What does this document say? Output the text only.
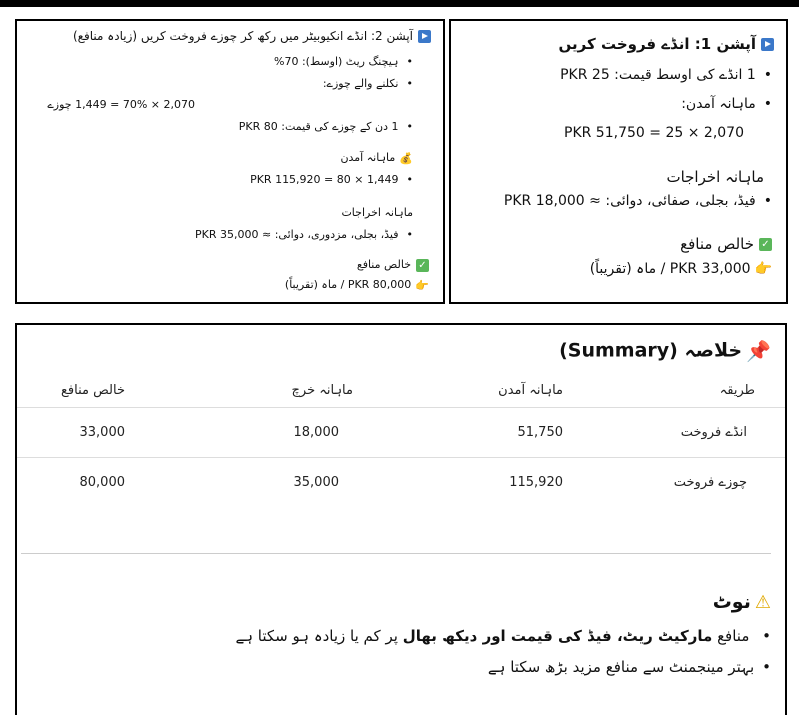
آپشن 2: انڈے انکیوبیٹر میں رکھ کر چوزے فروخت کریں (زیادہ منافع)
• ہیچنگ ریٹ (اوسط): 70%
• نکلنے والے چوزے:
2,070 × 70% = 1,449 چوزے
• 1 دن کے چوزے کی قیمت: PKR 80
💰ماہانہ آمدن
• 1,449 × 80 = PKR 115,920
ماہانہ اخراجات
• فیڈ، بجلی، مزدوری، دوائی: ≈ PKR 35,000
✓خالص منافع
👉PKR 80,000 / ماہ (تقریباً)
آپشن 1: انڈے فروخت کریں
• 1 انڈے کی اوسط قیمت: PKR 25
• ماہانہ آمدن:
2,070 × 25 = PKR 51,750
ماہانہ اخراجات
• فیڈ، بجلی، صفائی، دوائی: ≈ PKR 18,000
✓خالص منافع
👉PKR 33,000 / ماہ (تقریباً)
📌خلاصہ (Summary)
طریقہ
ماہانہ آمدن
ماہانہ خرچ
خالص منافع
انڈے فروخت
51,750
18,000
33,000
چوزے فروخت
115,920
35,000
80,000
⚠نوٹ
• منافع مارکیٹ ریٹ، فیڈ کی قیمت اور دیکھ بھال پر کم یا زیادہ ہو سکتا ہے
• بہتر مینجمنٹ سے منافع مزید بڑھ سکتا ہے
